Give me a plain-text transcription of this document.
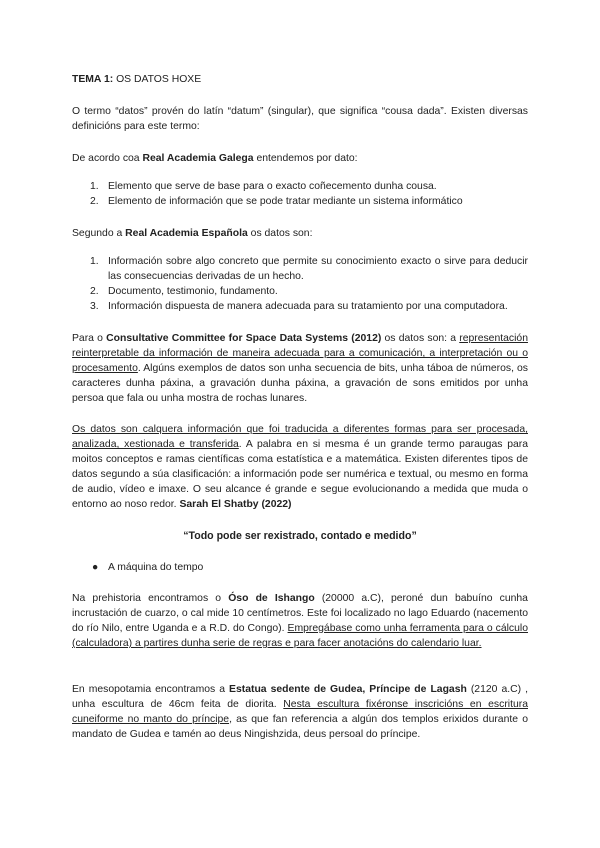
TEMA 1: OS DATOS HOXE

O termo “datos” provén do latín “datum” (singular), que significa “cousa dada”. Existen diversas definicións para este termo:

De acordo coa Real Academia Galega entendemos por dato:

1. Elemento que serve de base para o exacto coñecemento dunha cousa.
2. Elemento de información que se pode tratar mediante un sistema informático

Segundo a Real Academia Española os datos son:

1. Información sobre algo concreto que permite su conocimiento exacto o sirve para deducir las consecuencias derivadas de un hecho.
2. Documento, testimonio, fundamento.
3. Información dispuesta de manera adecuada para su tratamiento por una computadora.

Para o Consultative Committee for Space Data Systems (2012) os datos son: a representación reinterpretable da información de maneira adecuada para a comunicación, a interpretación ou o procesamento. Algúns exemplos de datos son unha secuencia de bits, unha táboa de números, os caracteres dunha páxina, a gravación dunha páxina, a gravación de sons emitidos por unha persoa que fala ou unha mostra de rochas lunares.

Os datos son calquera información que foi traducida a diferentes formas para ser procesada, analizada, xestionada e transferida. A palabra en si mesma é un grande termo paraugas para moitos conceptos e ramas científicas coma estatística e a matemática. Existen diferentes tipos de datos segundo a súa clasificación: a información pode ser numérica e textual, ou mesmo en forma de audio, vídeo e imaxe. O seu alcance é grande e segue evolucionando a medida que muda o entorno ao noso redor. Sarah El Shatby (2022)

“Todo pode ser rexistrado, contado e medido”

● A máquina do tempo

Na prehistoria encontramos o Óso de Ishango (20000 a.C), peroné dun babuíno cunha incrustación de cuarzo, o cal mide 10 centímetros. Este foi localizado no lago Eduardo (nacemento do río Nilo, entre Uganda e a R.D. do Congo). Empregábase como unha ferramenta para o cálculo (calculadora) a partires dunha serie de regras e para facer anotacións do calendario luar.

En mesopotamia encontramos a Estatua sedente de Gudea, Príncipe de Lagash (2120 a.C) , unha escultura de 46cm feita de diorita. Nesta escultura fixéronse inscricións en escritura cuneiforme no manto do príncipe, as que fan referencia a algún dos templos erixidos durante o mandato de Gudea e tamén ao deus Ningishzida, deus persoal do príncipe.
